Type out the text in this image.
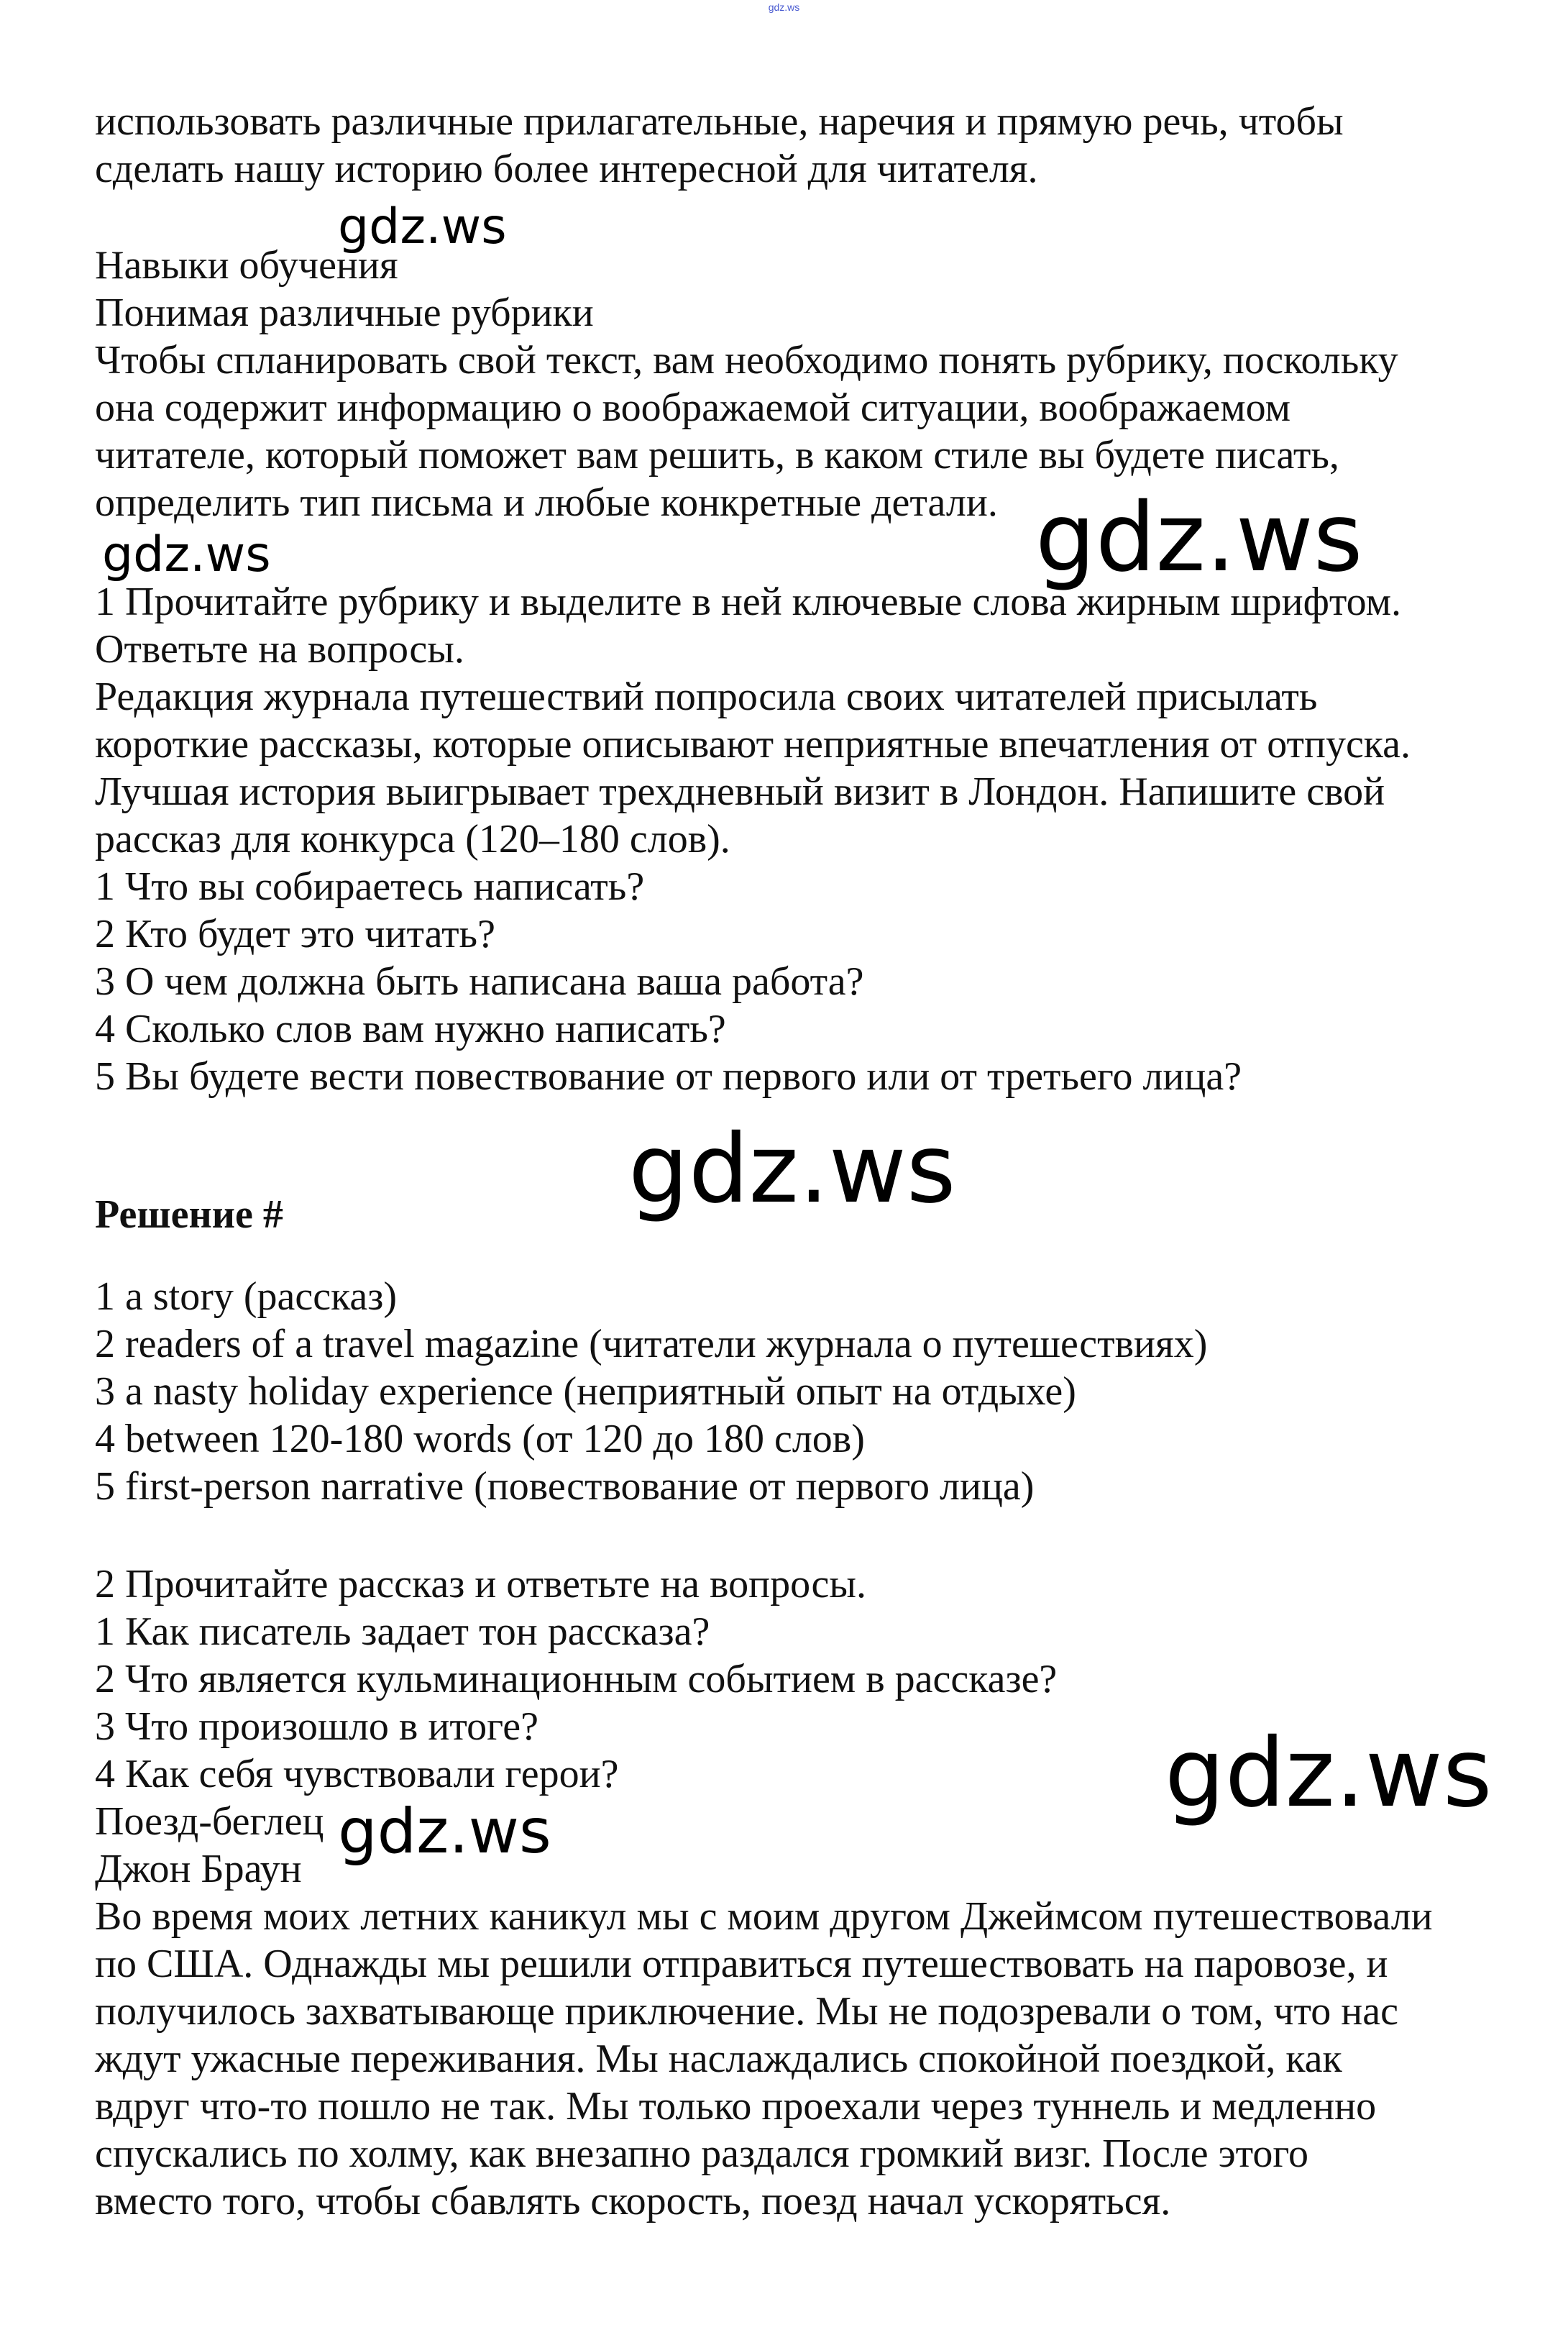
gdz.ws
использовать различные прилагательные, наречия и прямую речь, чтобы
сделать нашу историю более интересной для читателя.
Навыки обучения
Понимая различные рубрики
Чтобы спланировать свой текст, вам необходимо понять рубрику, поскольку
она содержит информацию о воображаемой ситуации, воображаемом
читателе, который поможет вам решить, в каком стиле вы будете писать,
определить тип письма и любые конкретные детали.
1 Прочитайте рубрику и выделите в ней ключевые слова жирным шрифтом.
Ответьте на вопросы.
Редакция журнала путешествий попросила своих читателей присылать
короткие рассказы, которые описывают неприятные впечатления от отпуска.
Лучшая история выигрывает трехдневный визит в Лондон. Напишите свой
рассказ для конкурса (120–180 слов).
1 Что вы собираетесь написать?
2 Кто будет это читать?
3 О чем должна быть написана ваша работа?
4 Сколько слов вам нужно написать?
5 Вы будете вести повествование от первого или от третьего лица?
Решение #
1 a story (рассказ)
2 readers of a travel magazine (читатели журнала о путешествиях)
3 a nasty holiday experience (неприятный опыт на отдыхе)
4 between 120-180 words (от 120 до 180 слов)
5 first-person narrative (повествование от первого лица)
2 Прочитайте рассказ и ответьте на вопросы.
1 Как писатель задает тон рассказа?
2 Что является кульминационным событием в рассказе?
3 Что произошло в итоге?
4 Как себя чувствовали герои?
Поезд-беглец
Джон Браун
Во время моих летних каникул мы с моим другом Джеймсом путешествовали
по США. Однажды мы решили отправиться путешествовать на паровозе, и
получилось захватывающе приключение. Мы не подозревали о том, что нас
ждут ужасные переживания. Мы наслаждались спокойной поездкой, как
вдруг что-то пошло не так. Мы только проехали через туннель и медленно
спускались по холму, как внезапно раздался громкий визг. После этого
вместо того, чтобы сбавлять скорость, поезд начал ускоряться.
gdz.ws
gdz.ws	gdz.ws
gdz.ws
gdz.ws
gdz.ws
